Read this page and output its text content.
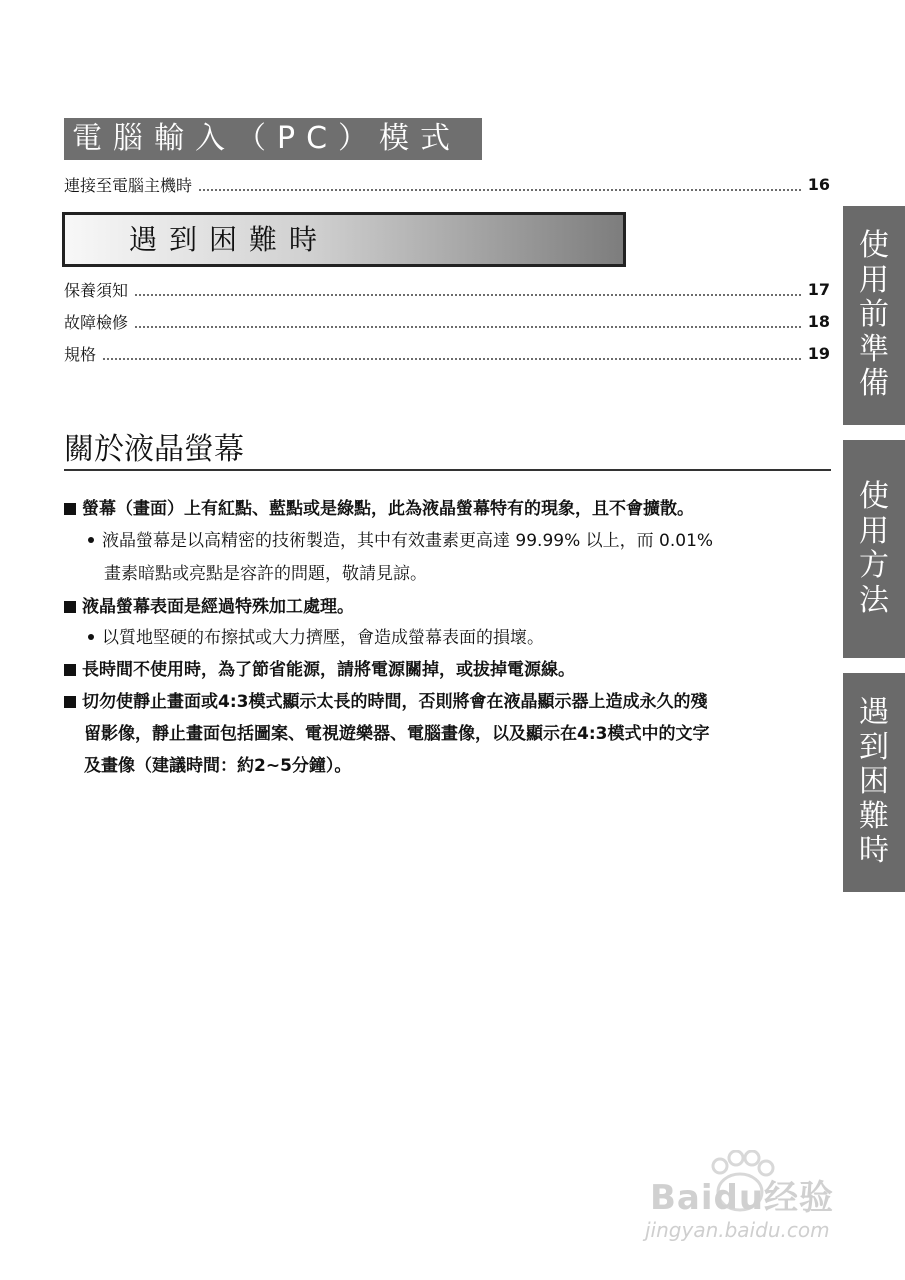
電腦輸入（PC）模式
連接至電腦主機時	16
遇到困難時
保養須知	17
故障檢修	18
規格	19
使
用
前
準
備
使
用
方
法
遇
到
困
難
時
關於液晶螢幕
螢幕（畫面）上有紅點、藍點或是綠點，此為液晶螢幕特有的現象，且不會擴散。
液晶螢幕是以高精密的技術製造，其中有效畫素更高達 99.99% 以上，而 0.01%
畫素暗點或亮點是容許的問題，敬請見諒。
液晶螢幕表面是經過特殊加工處理。
以質地堅硬的布擦拭或大力擠壓，會造成螢幕表面的損壞。
長時間不使用時，為了節省能源，請將電源關掉，或拔掉電源線。
切勿使靜止畫面或4:3模式顯示太長的時間，否則將會在液晶顯示器上造成永久的殘
留影像，靜止畫面包括圖案、電視遊樂器、電腦畫像，以及顯示在4:3模式中的文字
及畫像（建議時間：約2~5分鐘）。
Baidu经验
jingyan.baidu.com
